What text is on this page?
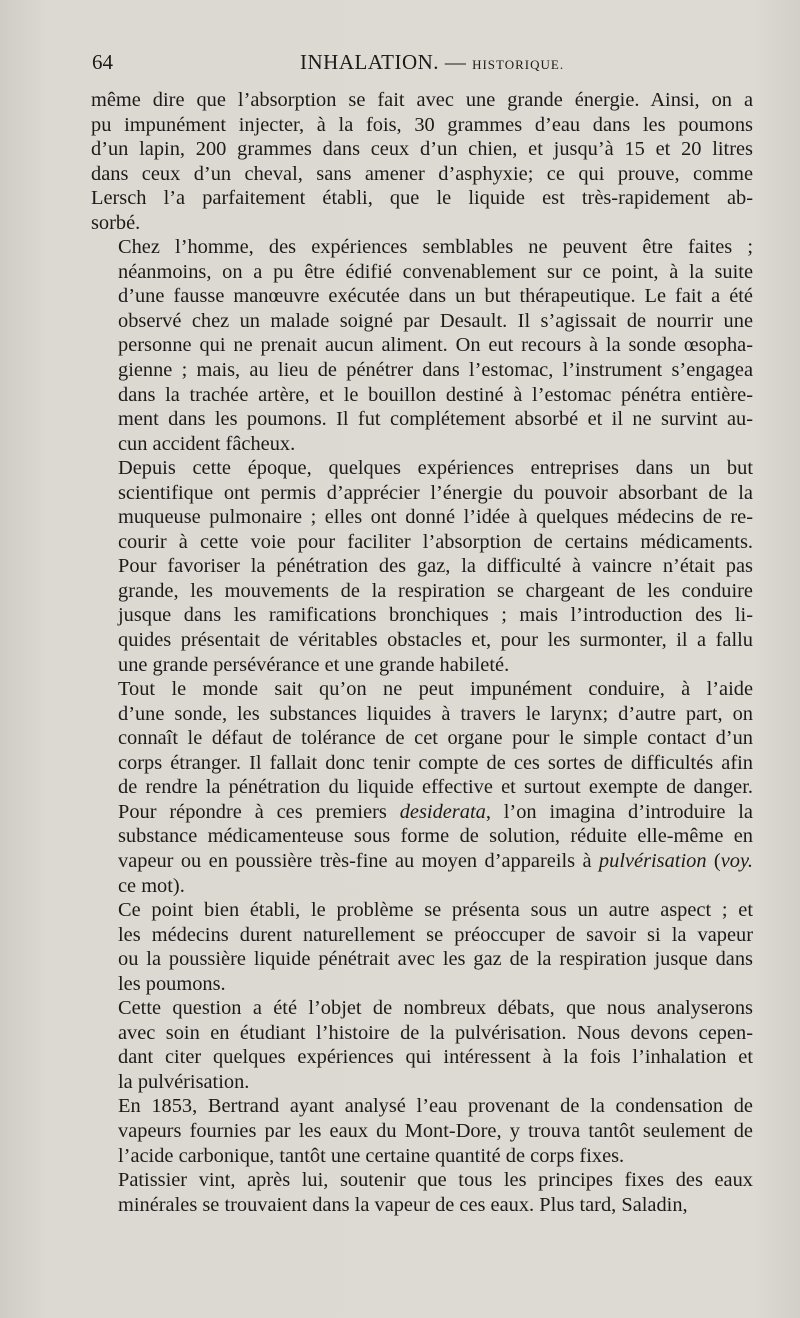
64	INHALATION. — HISTORIQUE.

même dire que l’absorption se fait avec une grande énergie. Ainsi, on a
pu impunément injecter, à la fois, 30 grammes d’eau dans les poumons
d’un lapin, 200 grammes dans ceux d’un chien, et jusqu’à 15 et 20 litres
dans ceux d’un cheval, sans amener d’asphyxie; ce qui prouve, comme
Lersch l’a parfaitement établi, que le liquide est très-rapidement ab-
sorbé.

Chez l’homme, des expériences semblables ne peuvent être faites ;
néanmoins, on a pu être édifié convenablement sur ce point, à la suite
d’une fausse manœuvre exécutée dans un but thérapeutique. Le fait a été
observé chez un malade soigné par Desault. Il s’agissait de nourrir une
personne qui ne prenait aucun aliment. On eut recours à la sonde œsopha-
gienne ; mais, au lieu de pénétrer dans l’estomac, l’instrument s’engagea
dans la trachée artère, et le bouillon destiné à l’estomac pénétra entière-
ment dans les poumons. Il fut complétement absorbé et il ne survint au-
cun accident fâcheux.

Depuis cette époque, quelques expériences entreprises dans un but
scientifique ont permis d’apprécier l’énergie du pouvoir absorbant de la
muqueuse pulmonaire ; elles ont donné l’idée à quelques médecins de re-
courir à cette voie pour faciliter l’absorption de certains médicaments.
Pour favoriser la pénétration des gaz, la difficulté à vaincre n’était pas
grande, les mouvements de la respiration se chargeant de les conduire
jusque dans les ramifications bronchiques ; mais l’introduction des li-
quides présentait de véritables obstacles et, pour les surmonter, il a fallu
une grande persévérance et une grande habileté.

Tout le monde sait qu’on ne peut impunément conduire, à l’aide
d’une sonde, les substances liquides à travers le larynx; d’autre part, on
connaît le défaut de tolérance de cet organe pour le simple contact d’un
corps étranger. Il fallait donc tenir compte de ces sortes de difficultés afin
de rendre la pénétration du liquide effective et surtout exempte de danger.
Pour répondre à ces premiers desiderata, l’on imagina d’introduire la
substance médicamenteuse sous forme de solution, réduite elle-même en
vapeur ou en poussière très-fine au moyen d’appareils à pulvérisation (voy.
ce mot).

Ce point bien établi, le problème se présenta sous un autre aspect ; et
les médecins durent naturellement se préoccuper de savoir si la vapeur
ou la poussière liquide pénétrait avec les gaz de la respiration jusque dans
les poumons.

Cette question a été l’objet de nombreux débats, que nous analyserons
avec soin en étudiant l’histoire de la pulvérisation. Nous devons cepen-
dant citer quelques expériences qui intéressent à la fois l’inhalation et
la pulvérisation.

En 1853, Bertrand ayant analysé l’eau provenant de la condensation de
vapeurs fournies par les eaux du Mont-Dore, y trouva tantôt seulement de
l’acide carbonique, tantôt une certaine quantité de corps fixes.

Patissier vint, après lui, soutenir que tous les principes fixes des eaux
minérales se trouvaient dans la vapeur de ces eaux. Plus tard, Saladin,
